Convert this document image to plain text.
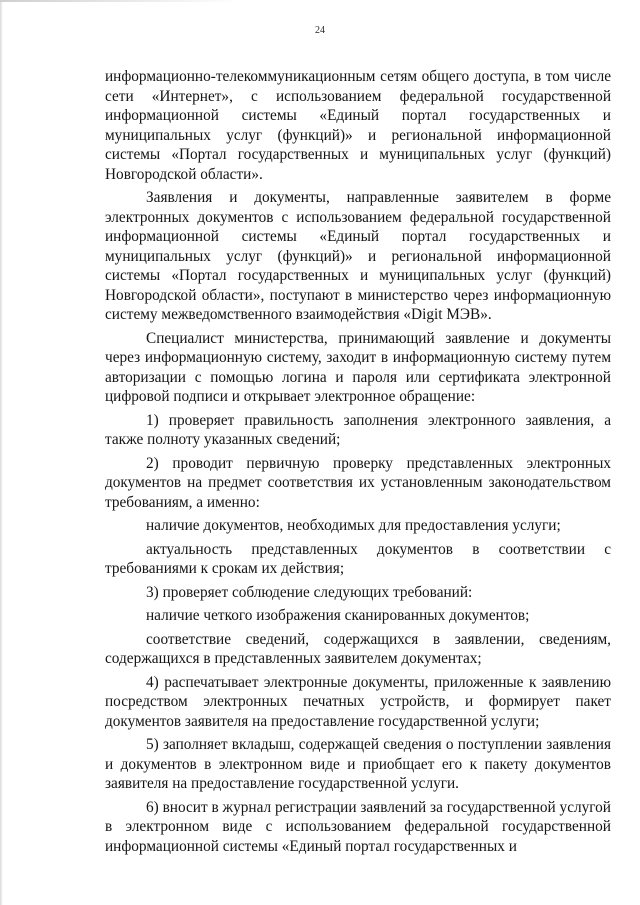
24

информационно-телекоммуникационным сетям общего доступа, в том числе сети «Интернет», с использованием федеральной государственной информационной системы «Единый портал государственных и муниципальных услуг (функций)» и региональной информационной системы «Портал государственных и муниципальных услуг (функций) Новгородской области».

Заявления и документы, направленные заявителем в форме электронных документов с использованием федеральной государственной информационной системы «Единый портал государственных и муниципальных услуг (функций)» и региональной информационной системы «Портал государственных и муниципальных услуг (функций) Новгородской области», поступают в министерство через информационную систему межведомственного взаимодействия «Digit МЭВ».

Специалист министерства, принимающий заявление и документы через информационную систему, заходит в информационную систему путем авторизации с помощью логина и пароля или сертификата электронной цифровой подписи и открывает электронное обращение:

1) проверяет правильность заполнения электронного заявления, а также полноту указанных сведений;

2) проводит первичную проверку представленных электронных документов на предмет соответствия их установленным законодательством требованиям, а именно:

наличие документов, необходимых для предоставления услуги;

актуальность представленных документов в соответствии с требованиями к срокам их действия;

3) проверяет соблюдение следующих требований:

наличие четкого изображения сканированных документов;

соответствие сведений, содержащихся в заявлении, сведениям, содержащихся в представленных заявителем документах;

4) распечатывает электронные документы, приложенные к заявлению посредством электронных печатных устройств, и формирует пакет документов заявителя на предоставление государственной услуги;

5) заполняет вкладыш, содержащей сведения о поступлении заявления и документов в электронном виде и приобщает его к пакету документов заявителя на предоставление государственной услуги.

6) вносит в журнал регистрации заявлений за государственной услугой в электронном виде с использованием федеральной государственной информационной системы «Единый портал государственных и
